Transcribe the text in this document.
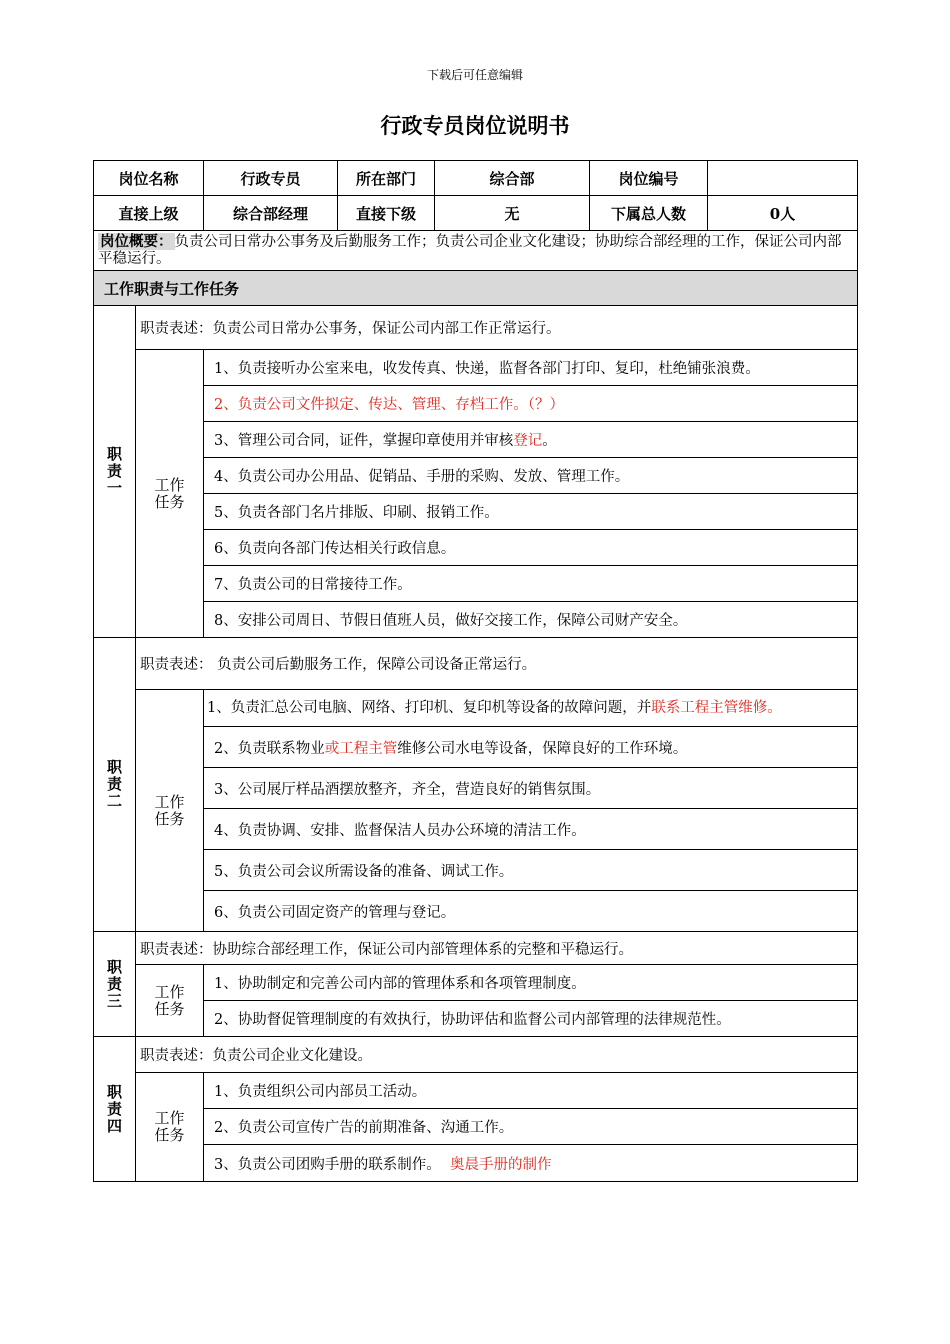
下载后可任意编辑
行政专员岗位说明书
岗位名称		行政专员	所在部门	综合部	岗位编号	
直接上级		综合部经理	直接下级	无	下属总人数	0人
岗位概要： 负责公司日常办公事务及后勤服务工作；负责公司企业文化建设；协助综合部经理的工作，保证公司内部平稳运行。						
工作职责与工作任务						

职
责
一	职责表述：负责公司日常办公事务，保证公司内部工作正常运行。					

	工作
任务	1、负责接听办公室来电，收发传真、快递，监督各部门打印、复印，杜绝铺张浪费。				
		2、负责公司文件拟定、传达、管理、存档工作。（？）				
		3、管理公司合同，证件，掌握印章使用并审核登记。				
		4、负责公司办公用品、促销品、手册的采购、发放、管理工作。				
		5、负责各部门名片排版、印刷、报销工作。				
		6、负责向各部门传达相关行政信息。				
		7、负责公司的日常接待工作。				
		8、安排公司周日、节假日值班人员，做好交接工作，保障公司财产安全。				

职
责
二	职责表述： 负责公司后勤服务工作，保障公司设备正常运行。					

	工作
任务	1、负责汇总公司电脑、网络、打印机、复印机等设备的故障问题，并联系工程主管维修。				
		2、负责联系物业或工程主管维修公司水电等设备，保障良好的工作环境。				
		3、公司展厅样品酒摆放整齐，齐全，营造良好的销售氛围。				
		4、负责协调、安排、监督保洁人员办公环境的清洁工作。				
		5、负责公司会议所需设备的准备、调试工作。				
		6、负责公司固定资产的管理与登记。				

职
责
三	职责表述：协助综合部经理工作，保证公司内部管理体系的完整和平稳运行。					

	工作
任务	1、协助制定和完善公司内部的管理体系和各项管理制度。				
		2、协助督促管理制度的有效执行，协助评估和监督公司内部管理的法律规范性。				

职
责
四	职责表述：负责公司企业文化建设。					

	工作
任务	1、负责组织公司内部员工活动。				
		2、负责公司宣传广告的前期准备、沟通工作。				
		3、负责公司团购手册的联系制作。  奥晨手册的制作				
